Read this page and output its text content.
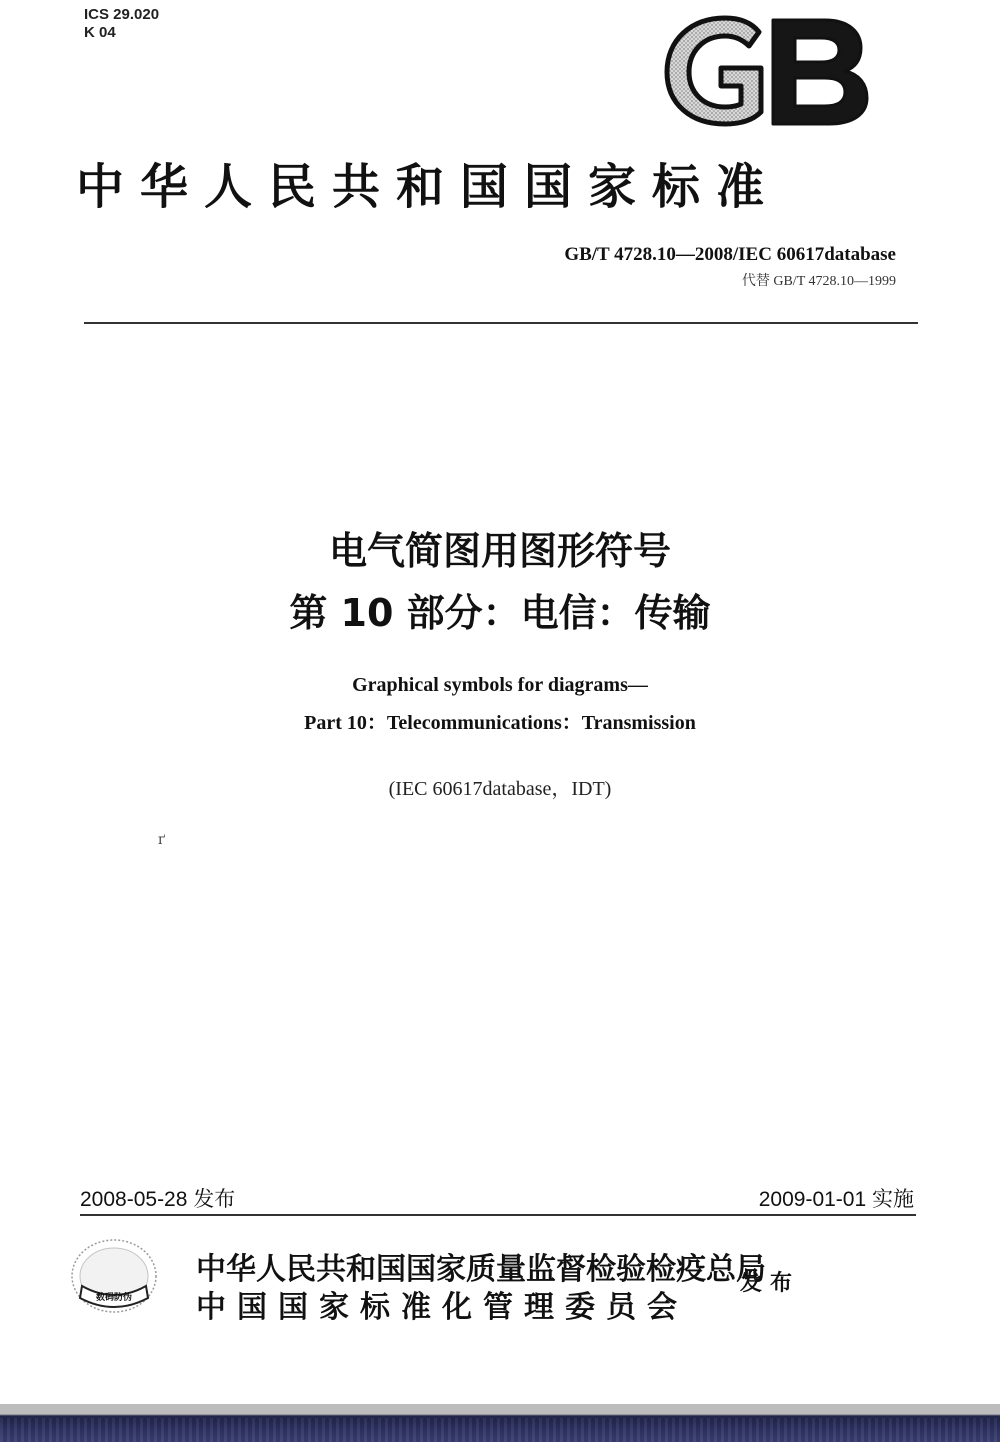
ICS 29.020
K 04
中华人民共和国国家标准
GB/T 4728.10—2008/IEC 60617database
代替 GB/T 4728.10—1999
电气简图用图形符号
第 10 部分：电信：传输
Graphical symbols for diagrams—
Part 10：Telecommunications：Transmission
(IEC 60617database，IDT)
ґ
2008-05-28 发布	2009-01-01 实施
数码防伪
中华人民共和国国家质量监督检验检疫总局
中国国家标准化管理委员会
发布
